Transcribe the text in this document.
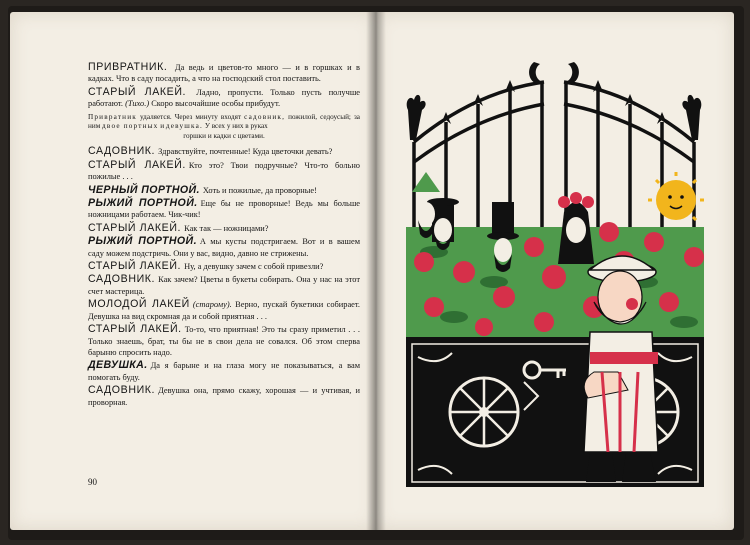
ПРИВРАТНИК. Да ведь и цветов-то много — и в горшках и в кадках. Что в саду посадить, а что на господский стол поставить.

СТАРЫЙ ЛАКЕЙ. Ладно, пропусти. Только пусть получше работают. (Тихо.) Скоро высочайшие особы прибудут.

Привратник удаляется. Через минуту входят садовник, пожилой, седоусый; за ним двое портных и девушка. У всех у них в руках
горшки и кадки с цветами.

САДОВНИК. Здравствуйте, почтенные! Куда цветочки девать?

СТАРЫЙ ЛАКЕЙ. Кто это? Твои подручные? Что-то больно пожилые . . .

ЧЕРНЫЙ ПОРТНОЙ. Хоть и пожилые, да проворные!

РЫЖИЙ ПОРТНОЙ. Еще бы не проворные! Ведь мы больше ножницами работаем. Чик-чик!

СТАРЫЙ ЛАКЕЙ. Как так — ножницами?

РЫЖИЙ ПОРТНОЙ. А мы кусты подстригаем. Вот и в вашем саду можем подстричь. Они у вас, видно, давно не стрижены.

СТАРЫЙ ЛАКЕЙ. Ну, а девушку зачем с собой привезли?

САДОВНИК. Как зачем? Цветы в букеты собирать. Она у нас на этот счет мастерица.

МОЛОДОЙ ЛАКЕЙ (старому). Верно, пускай букетики собирает. Девушка на вид скромная да и собой приятная . . .

СТАРЫЙ ЛАКЕЙ. То-то, что приятная! Это ты сразу приметил . . . Только знаешь, брат, ты бы не в свои дела не совался. Об этом сперва барыню спросить надо.

ДЕВУШКА. Да я барыне и на глаза могу не показываться, а вам помогать буду.

САДОВНИК. Девушка она, прямо скажу, хорошая — и учтивая, и проворная.

90
